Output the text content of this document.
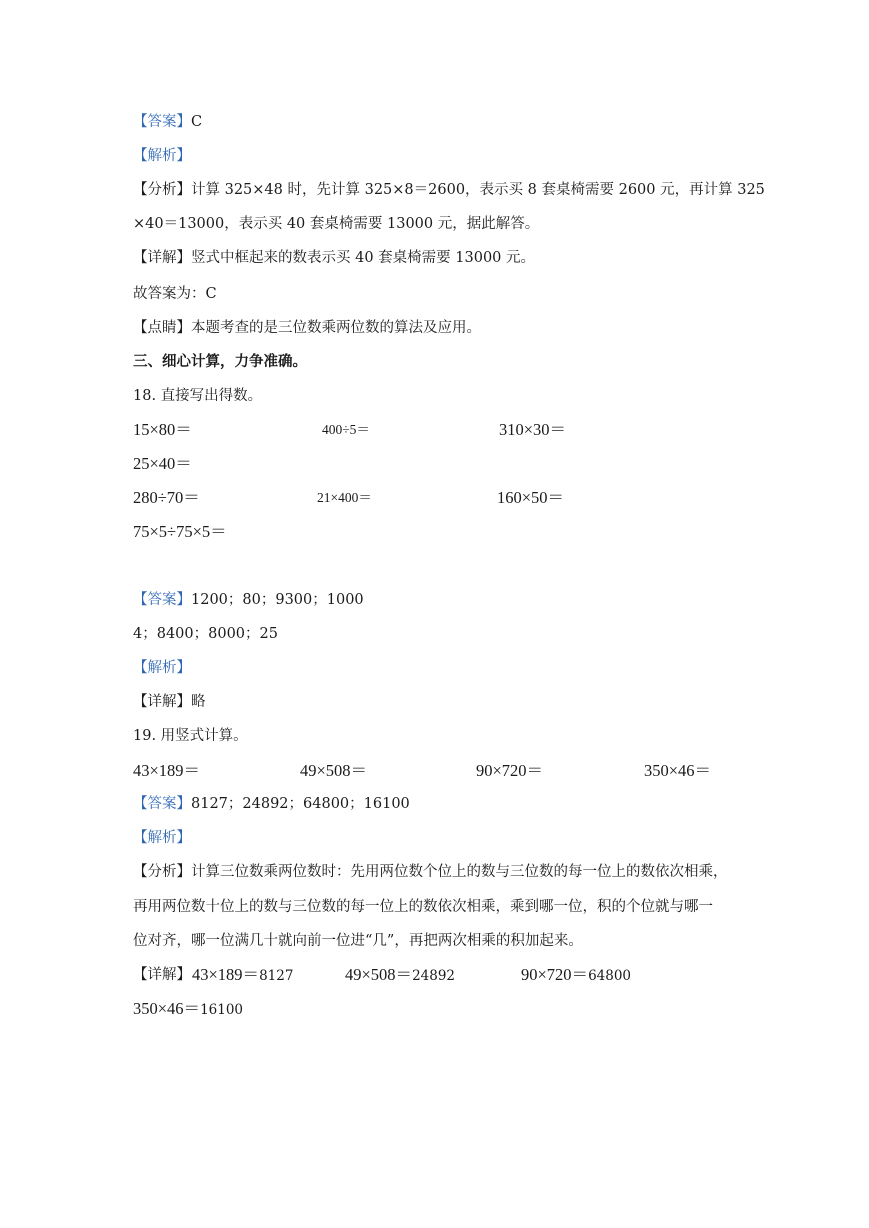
【答案】C
【解析】
【分析】计算 325×48 时，先计算 325×8＝2600，表示买 8 套桌椅需要 2600 元，再计算 325
×40＝13000，表示买 40 套桌椅需要 13000 元，据此解答。
【详解】竖式中框起来的数表示买 40 套桌椅需要 13000 元。
故答案为：C
【点睛】本题考查的是三位数乘两位数的算法及应用。
三、细心计算，力争准确。
18. 直接写出得数。
15×80＝	400÷5＝	310×30＝
25×40＝
280÷70＝	21×400＝	160×50＝
75×5÷75×5＝
【答案】1200；80；9300；1000
4；8400；8000；25
【解析】
【详解】略
19. 用竖式计算。
43×189＝	49×508＝	90×720＝	350×46＝
【答案】8127；24892；64800；16100
【解析】
【分析】计算三位数乘两位数时：先用两位数个位上的数与三位数的每一位上的数依次相乘，
再用两位数十位上的数与三位数的每一位上的数依次相乘，乘到哪一位，积的个位就与哪一
位对齐，哪一位满几十就向前一位进“几”，再把两次相乘的积加起来。
【详解】 43×189＝8127	49×508＝24892	90×720＝64800
350×46＝16100
